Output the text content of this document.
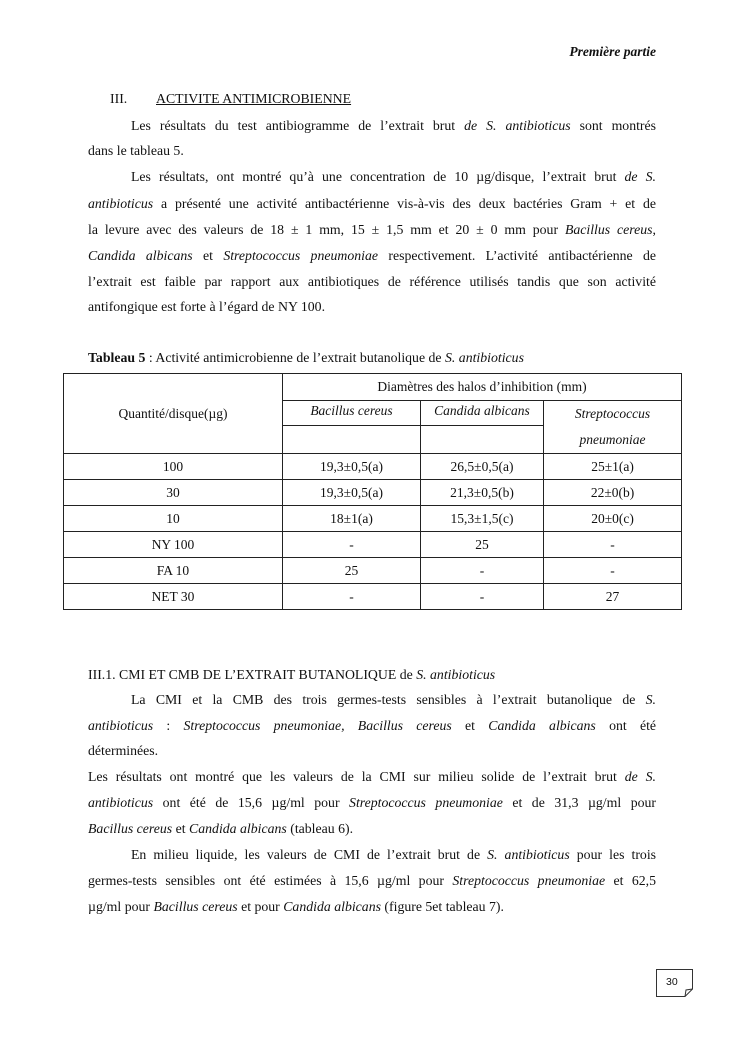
Première partie
III. ACTIVITE ANTIMICROBIENNE
Les résultats du test antibiogramme de l’extrait brut de S. antibioticus sont montrés
dans le tableau 5.
Les résultats, ont montré qu’à une concentration de 10 µg/disque, l’extrait brut de S.
antibioticus a présenté une activité antibactérienne vis-à-vis des deux bactéries Gram + et de
la levure avec des valeurs de 18 ± 1 mm, 15 ± 1,5 mm et 20 ± 0 mm pour Bacillus cereus,
Candida albicans et Streptococcus pneumoniae respectivement. L’activité antibactérienne de
l’extrait est faible par rapport aux antibiotiques de référence utilisés tandis que son activité
antifongique est forte à l’égard de NY 100.
Tableau 5 : Activité antimicrobienne de l’extrait butanolique de S. antibioticus
Quantité/disque(µg)	Diamètres des halos d’inhibition (mm)		
	Bacillus cereus	Candida albicans	Streptococcus
pneumoniae

100	19,3±0,5(a)	26,5±0,5(a)	25±1(a)
30	19,3±0,5(a)	21,3±0,5(b)	22±0(b)
10	18±1(a)	15,3±1,5(c)	20±0(c)
NY 100	-	25	-
FA 10	25	-	-
NET 30	-	-	27
III.1. CMI ET CMB DE L’EXTRAIT BUTANOLIQUE de S. antibioticus
La CMI et la CMB des trois germes-tests sensibles à l’extrait butanolique de S.
antibioticus : Streptococcus pneumoniae, Bacillus cereus et Candida albicans ont été
déterminées.
Les résultats ont montré que les valeurs de la CMI sur milieu solide de l’extrait brut de S.
antibioticus ont été de 15,6 µg/ml pour Streptococcus pneumoniae et de 31,3 µg/ml pour
Bacillus cereus et Candida albicans (tableau 6).
En milieu liquide, les valeurs de CMI de l’extrait brut de S. antibioticus pour les trois
germes-tests sensibles ont été estimées à 15,6 µg/ml pour Streptococcus pneumoniae et 62,5
µg/ml pour Bacillus cereus et pour Candida albicans (figure 5et tableau 7).
30
